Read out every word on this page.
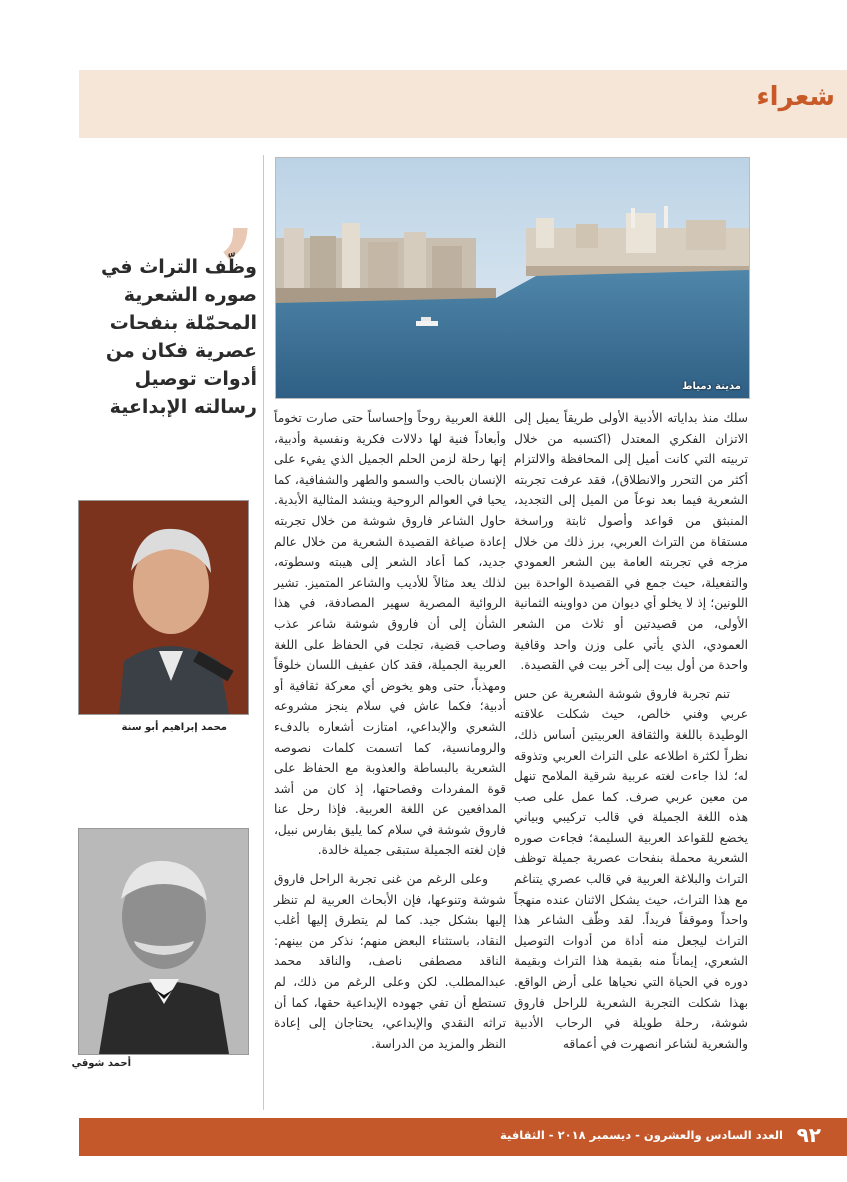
شعراء
مدينة دمياط
’
وظّف التراث في صوره الشعرية المحمّلة بنفحات عصرية فكان من أدوات توصيل رسالته الإبداعية
محمد إبراهيم أبو سنة
أحمد شوقي

سلك منذ بداياته الأدبية الأولى طريقاً يميل إلى الاتزان الفكري المعتدل (اكتسبه من خلال تربيته التي كانت أميل إلى المحافظة والالتزام أكثر من التحرر والانطلاق)، فقد عرفت تجربته الشعرية فيما بعد نوعاً من الميل إلى التجديد، المنبثق من قواعد وأصول ثابتة وراسخة مستقاة من التراث العربي، برز ذلك من خلال مزجه في تجربته العامة بين الشعر العمودي والتفعيلة، حيث جمع في القصيدة الواحدة بين اللونين؛ إذ لا يخلو أي ديوان من دواوينه الثمانية الأولى، من قصيدتين أو ثلاث من الشعر العمودي، الذي يأتي على وزن واحد وقافية واحدة من أول بيت إلى آخر بيت في القصيدة.

تنم تجربة فاروق شوشة الشعرية عن حس عربي وفني خالص، حيث شكلت علاقته الوطيدة باللغة والثقافة العربيتين أساس ذلك، نظراً لكثرة اطلاعه على التراث العربي وتذوقه له؛ لذا جاءت لغته عربية شرقية الملامح تنهل من معين عربي صرف. كما عمل على صب هذه اللغة الجميلة في قالب تركيبي وبياني يخضع للقواعد العربية السليمة؛ فجاءت صوره الشعرية محملة بنفحات عصرية جميلة توظف التراث والبلاغة العربية في قالب عصري يتناغم مع هذا التراث، حيث يشكل الاثنان عنده منهجاً واحداً وموقفاً فريداً. لقد وظّف الشاعر هذا التراث ليجعل منه أداة من أدوات التوصيل الشعري، إيماناً منه بقيمة هذا التراث وبقيمة دوره في الحياة التي نحياها على أرض الواقع. بهذا شكلت التجربة الشعرية للراحل فاروق شوشة، رحلة طويلة في الرحاب الأدبية والشعرية لشاعر انصهرت في أعماقه

اللغة العربية روحاً وإحساساً حتى صارت تخوماً وأبعاداً فنية لها دلالات فكرية ونفسية وأدبية، إنها رحلة لزمن الحلم الجميل الذي يفيء على الإنسان بالحب والسمو والطهر والشفافية، كما يحيا في العوالم الروحية وينشد المثالية الأبدية. حاول الشاعر فاروق شوشة من خلال تجربته إعادة صياغة القصيدة الشعرية من خلال عالم جديد، كما أعاد الشعر إلى هيبته وسطوته، لذلك يعد مثالاً للأديب والشاعر المتميز. تشير الروائية المصرية سهير المصادفة، في هذا الشأن إلى أن فاروق شوشة شاعر عذب وصاحب قضية، تجلت في الحفاظ على اللغة العربية الجميلة، فقد كان عفيف اللسان خلوقاً ومهذباً، حتى وهو يخوض أي معركة ثقافية أو أدبية؛ فكما عاش في سلام ينجز مشروعه الشعري والإبداعي، امتازت أشعاره بالدفء والرومانسية، كما اتسمت كلمات نصوصه الشعرية بالبساطة والعذوبة مع الحفاظ على قوة المفردات وفصاحتها، إذ كان من أشد المدافعين عن اللغة العربية. فإذا رحل عنا فاروق شوشة في سلام كما يليق بفارس نبيل، فإن لغته الجميلة ستبقى جميلة خالدة.

وعلى الرغم من غنى تجربة الراحل فاروق شوشة وتنوعها، فإن الأبحاث العربية لم تنظر إليها بشكل جيد. كما لم يتطرق إليها أغلب النقاد، باستثناء البعض منهم؛ نذكر من بينهم: الناقد مصطفى ناصف، والناقد محمد عبدالمطلب. لكن وعلى الرغم من ذلك، لم تستطع أن تفي جهوده الإبداعية حقها، كما أن تراثه النقدي والإبداعي، يحتاجان إلى إعادة النظر والمزيد من الدراسة.

العدد السادس والعشرون - ديسمبر ٢٠١٨ - الثقافية ٩٢
